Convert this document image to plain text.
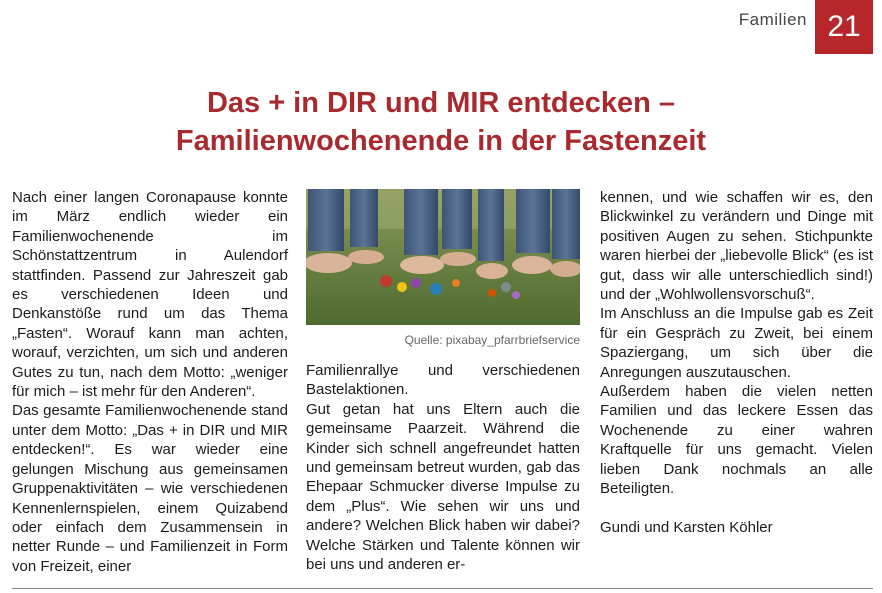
Familien 21
Das + in DIR und MIR entdecken –
Familienwochenende in der Fastenzeit

Nach einer langen Coronapause konnte im März endlich wieder ein Familienwochenende im Schönstattzentrum in Aulendorf stattfinden. Passend zur Jahreszeit gab es verschiedenen Ideen und Denkanstöße rund um das Thema „Fasten“. Worauf kann man achten, worauf, verzichten, um sich und anderen Gutes zu tun, nach dem Motto: „weniger für mich – ist mehr für den Anderen“.

Das gesamte Familienwochenende stand unter dem Motto: „Das + in DIR und MIR entdecken!“. Es war wieder eine gelungen Mischung aus gemeinsamen Gruppenaktivitäten – wie verschiedenen Kennenlernspielen, einem Quizabend oder einfach dem Zusammensein in netter Runde – und Familienzeit in Form von Freizeit, einer

Quelle: pixabay_pfarrbriefservice

Familienrallye und verschiedenen Bastelaktionen.

Gut getan hat uns Eltern auch die gemeinsame Paarzeit. Während die Kinder sich schnell angefreundet hatten und gemeinsam betreut wurden, gab das Ehepaar Schmucker diverse Impulse zu dem „Plus“. Wie sehen wir uns und andere? Welchen Blick haben wir dabei? Welche Stärken und Talente können wir bei uns und anderen er-

kennen, und wie schaffen wir es, den Blickwinkel zu verändern und Dinge mit positiven Augen zu sehen. Stichpunkte waren hierbei der „liebevolle Blick“ (es ist gut, dass wir alle unterschiedlich sind!) und der „Wohlwollensvorschuß“.

Im Anschluss an die Impulse gab es Zeit für ein Gespräch zu Zweit, bei einem Spaziergang, um sich über die Anregungen auszutauschen.

Außerdem haben die vielen netten Familien und das leckere Essen das Wochenende zu einer wahren Kraftquelle für uns gemacht. Vielen lieben Dank nochmals an alle Beteiligten.

Gundi und Karsten Köhler
